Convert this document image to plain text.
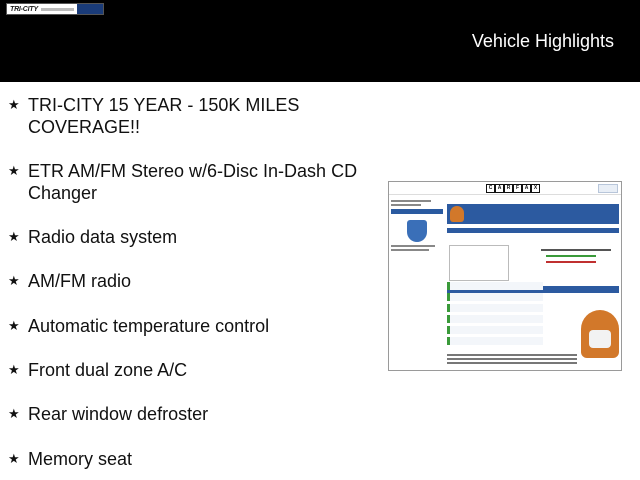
TRI-CITY
Vehicle Highlights
★ TRI-CITY 15 YEAR - 150K MILES COVERAGE!!
★ ETR AM/FM Stereo w/6-Disc In-Dash CD Changer
★ Radio data system
★ AM/FM radio
★ Automatic temperature control
★ Front dual zone A/C
★ Rear window defroster
★ Memory seat
C	A	R	F	A	X
